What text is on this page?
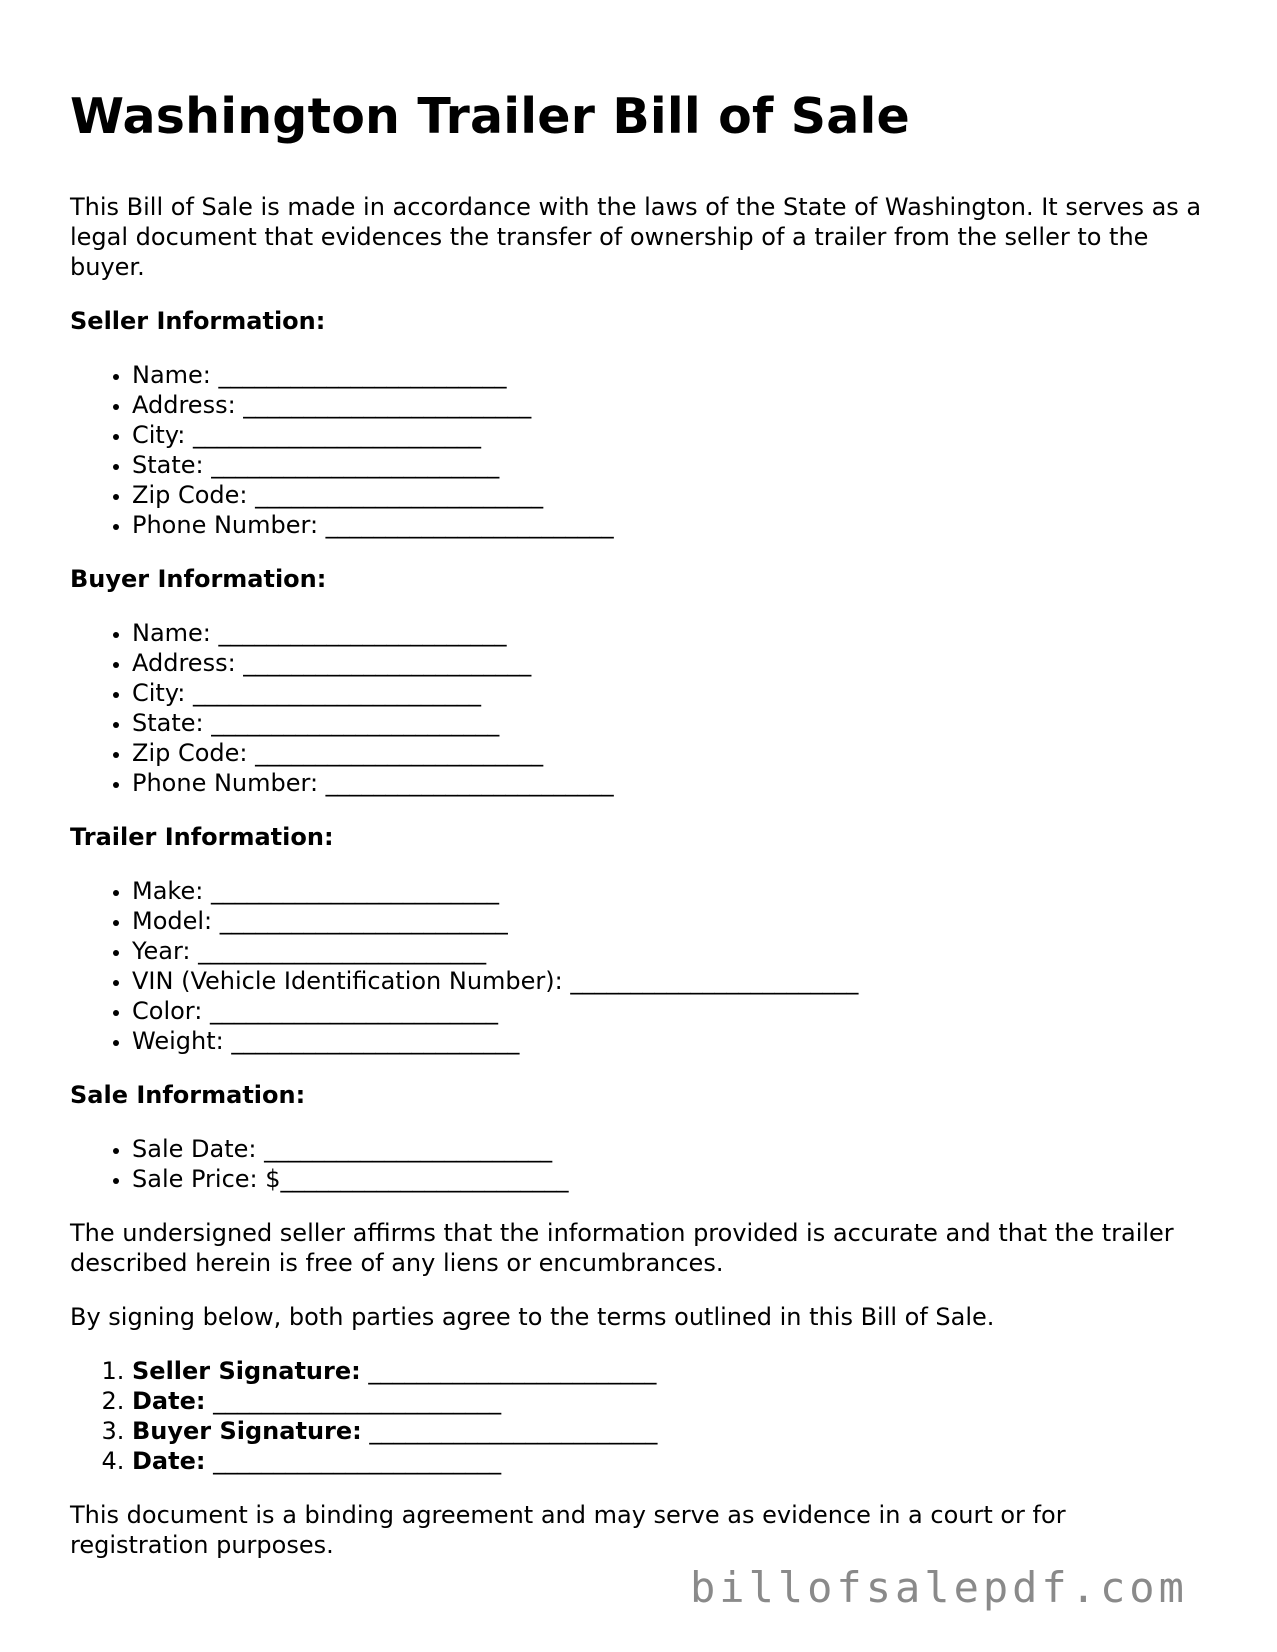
Washington Trailer Bill of Sale

This Bill of Sale is made in accordance with the laws of the State of Washington. It serves as a legal document that evidences the transfer of ownership of a trailer from the seller to the buyer.

Seller Information:
• Name: ________________________
• Address: ________________________
• City: ________________________
• State: ________________________
• Zip Code: ________________________
• Phone Number: ________________________
Buyer Information:
• Name: ________________________
• Address: ________________________
• City: ________________________
• State: ________________________
• Zip Code: ________________________
• Phone Number: ________________________
Trailer Information:
• Make: ________________________
• Model: ________________________
• Year: ________________________
• VIN (Vehicle Identification Number): ________________________
• Color: ________________________
• Weight: ________________________
Sale Information:
• Sale Date: ________________________
• Sale Price: $________________________

The undersigned seller affirms that the information provided is accurate and that the trailer described herein is free of any liens or encumbrances.

By signing below, both parties agree to the terms outlined in this Bill of Sale.

1. Seller Signature: ________________________
2. Date: ________________________
3. Buyer Signature: ________________________
4. Date: ________________________

This document is a binding agreement and may serve as evidence in a court or for registration purposes.

billofsalepdf.com
